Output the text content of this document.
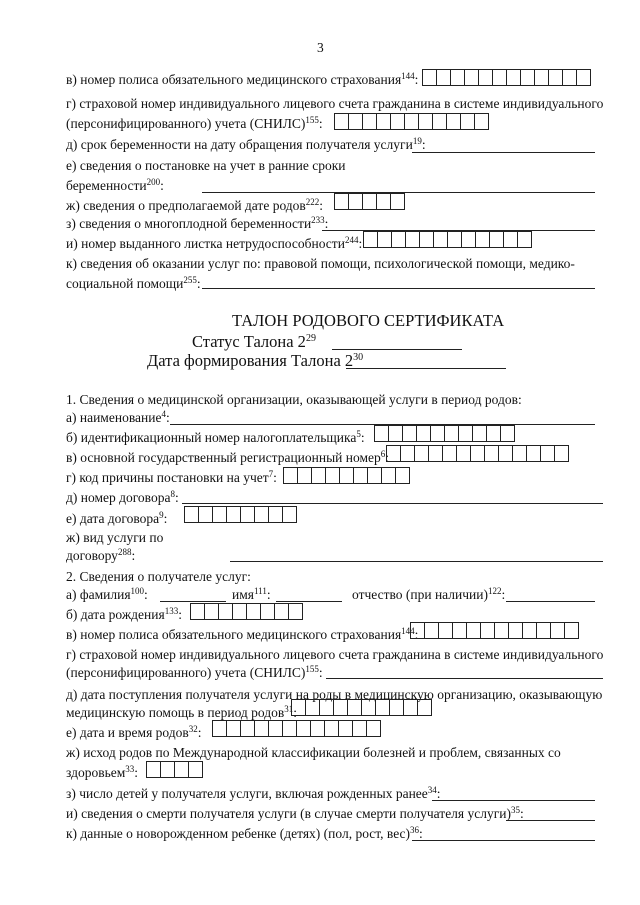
3
в) номер полиса обязательного медицинского страхования$^{144}$:
г) страховой номер индивидуального лицевого счета гражданина в системе индивидуального
(персонифицированного) учета (СНИЛС)$^{155}$:
д) срок беременности на дату обращения получателя услуги$^{19}$:
е) сведения о постановке на учет в ранние сроки
беременности$^{200}$:
ж) сведения о предполагаемой дате родов$^{222}$:
з) сведения о многоплодной беременности$^{233}$:
и) номер выданного листка нетрудоспособности$^{244}$:
к) сведения об оказании услуг по: правовой помощи, психологической помощи, медико-
социальной помощи$^{255}$:
ТАЛОН РОДОВОГО СЕРТИФИКАТА
Статус Талона $2^{29}$
Дата формирования Талона $2^{30}$
1. Сведения о медицинской организации, оказывающей услуги в период родов:
а) наименование$^4$:
б) идентификационный номер налогоплательщика$^5$:
в) основной государственный регистрационный номер$^6$:
г) код причины постановки на учет$^7$:
д) номер договора$^8$:
е) дата договора$^9$:
ж) вид услуги по
договору$^{288}$:
2. Сведения о получателе услуг:
а) фамилия$^{100}$:	имя$^{111}$:	отчество (при наличии)$^{122}$:
б) дата рождения$^{133}$:
в) номер полиса обязательного медицинского страхования$^{144}$:
г) страховой номер индивидуального лицевого счета гражданина в системе индивидуального
(персонифицированного) учета (СНИЛС)$^{155}$:
д) дата поступления получателя услуги на роды в медицинскую организацию, оказывающую
медицинскую помощь в период родов$^{31}$:
е) дата и время родов$^{32}$:
ж) исход родов по Международной классификации болезней и проблем, связанных со
здоровьем$^{33}$:
з) число детей у получателя услуги, включая рожденных ранее$^{34}$:
и) сведения о смерти получателя услуги (в случае смерти получателя услуги)$^{35}$:
к) данные о новорожденном ребенке (детях) (пол, рост, вес)$^{36}$:
